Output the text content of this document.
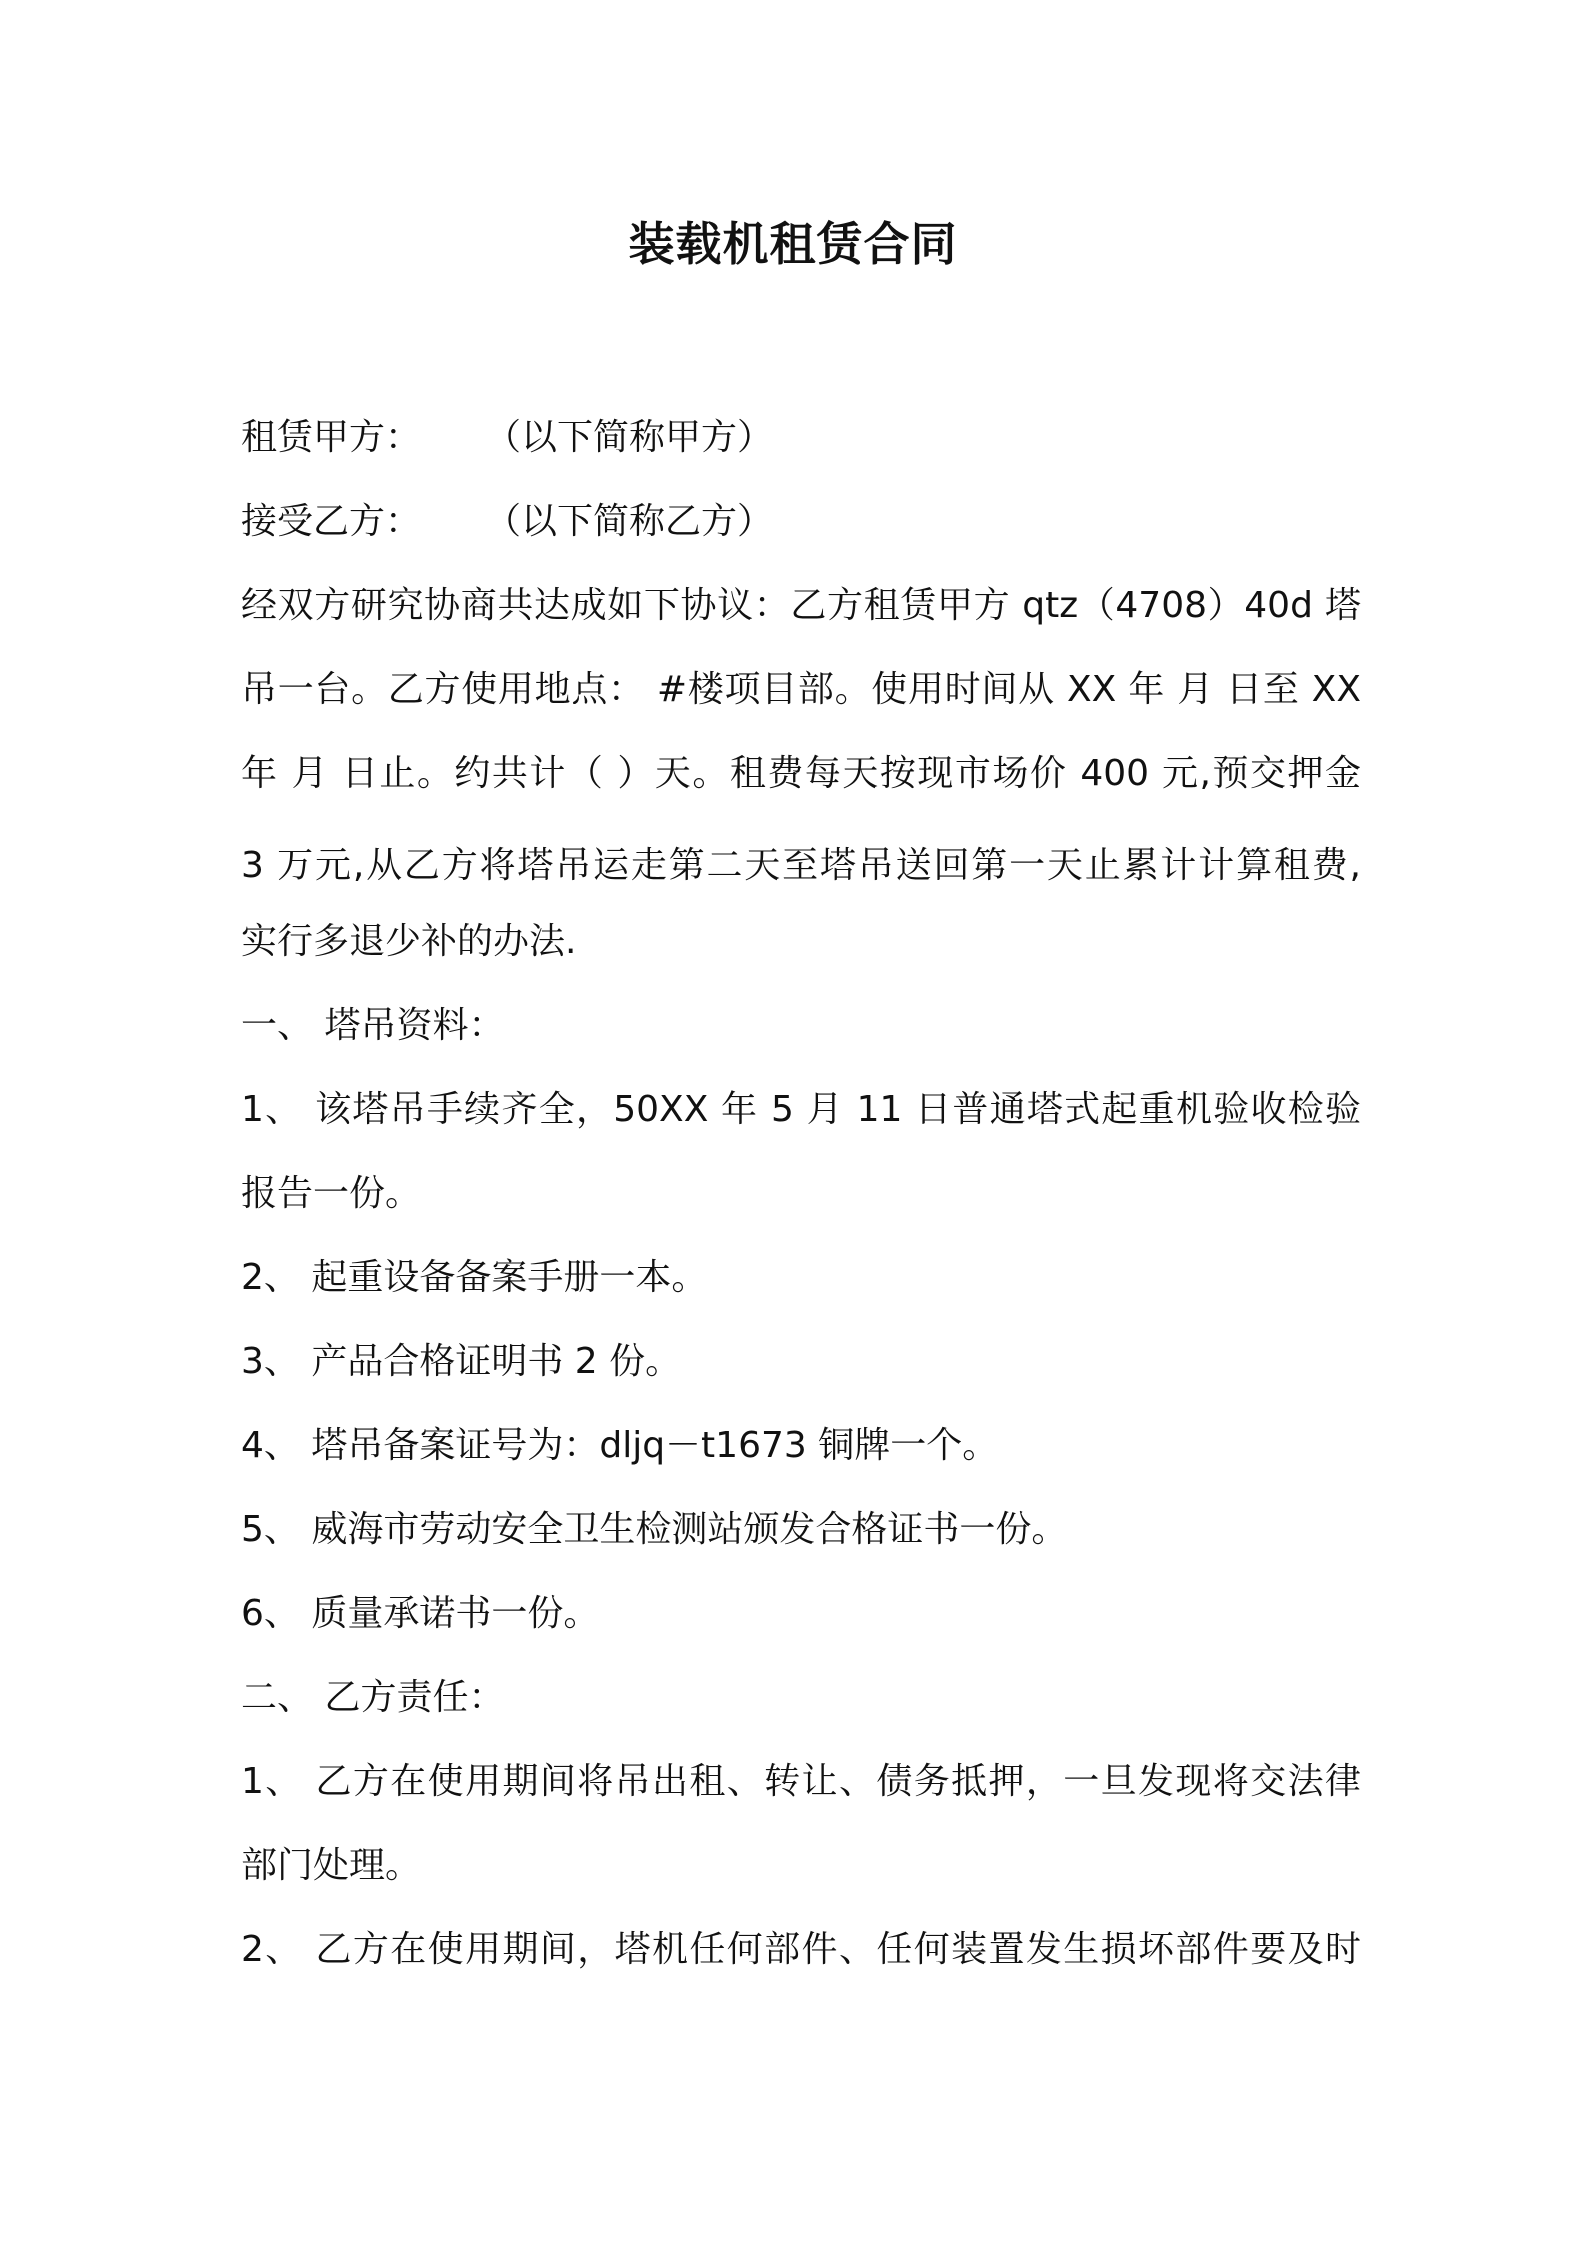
装载机租赁合同
租赁甲方： （以下简称甲方）
接受乙方： （以下简称乙方）
经双方研究协商共达成如下协议：乙方租赁甲方 qtz（4708）40d 塔
吊一台。乙方使用地点： #楼项目部。使用时间从 XX 年 月 日至 XX
年 月 日止。约共计（ ）天。租费每天按现市场价 400 元,预交押金
3 万元,从乙方将塔吊运走第二天至塔吊送回第一天止累计计算租费,
实行多退少补的办法.
一、 塔吊资料：
1、 该塔吊手续齐全，50XX 年 5 月 11 日普通塔式起重机验收检验
报告一份。
2、 起重设备备案手册一本。
3、 产品合格证明书 2 份。
4、 塔吊备案证号为：dljq－t1673 铜牌一个。
5、 威海市劳动安全卫生检测站颁发合格证书一份。
6、 质量承诺书一份。
二、 乙方责任：
1、 乙方在使用期间将吊出租、转让、债务抵押，一旦发现将交法律
部门处理。
2、 乙方在使用期间，塔机任何部件、任何装置发生损坏部件要及时
